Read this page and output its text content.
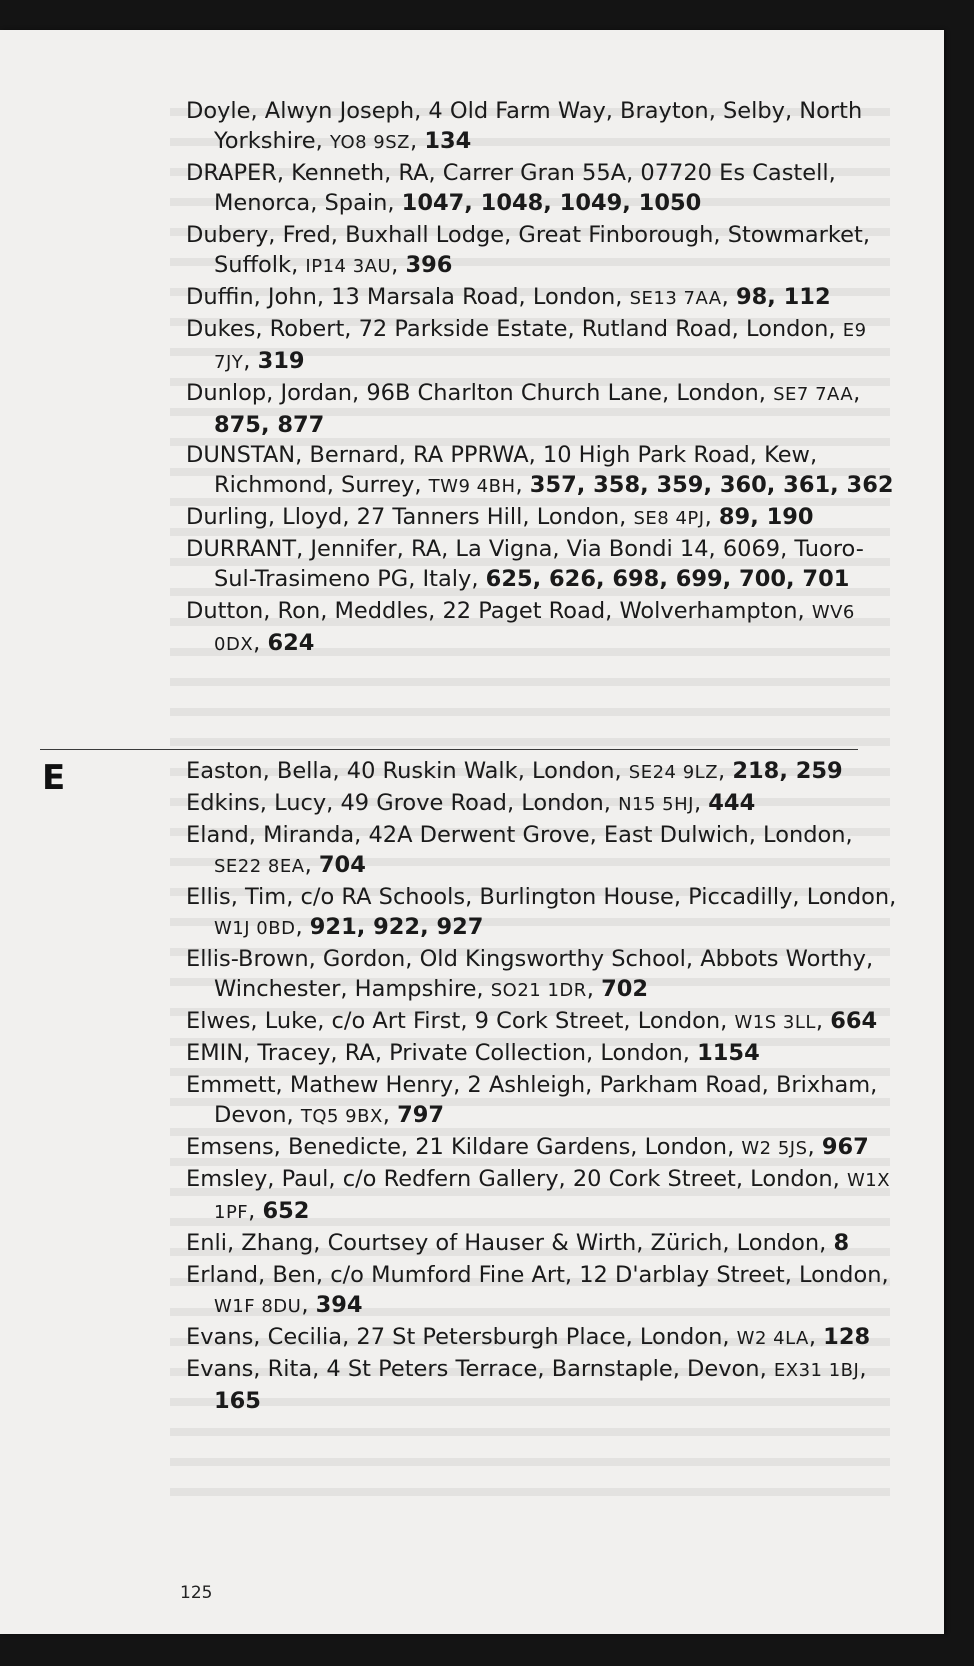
Doyle, Alwyn Joseph, 4 Old Farm Way, Brayton, Selby, North Yorkshire, YO8 9SZ, 134

DRAPER, Kenneth, RA, Carrer Gran 55A, 07720 Es Castell, Menorca, Spain, 1047, 1048, 1049, 1050

Dubery, Fred, Buxhall Lodge, Great Finborough, Stowmarket, Suffolk, IP14 3AU, 396

Duffin, John, 13 Marsala Road, London, SE13 7AA, 98, 112

Dukes, Robert, 72 Parkside Estate, Rutland Road, London, E9 7JY, 319

Dunlop, Jordan, 96B Charlton Church Lane, London, SE7 7AA, 875, 877

DUNSTAN, Bernard, RA PPRWA, 10 High Park Road, Kew, Richmond, Surrey, TW9 4BH, 357, 358, 359, 360, 361, 362

Durling, Lloyd, 27 Tanners Hill, London, SE8 4PJ, 89, 190

DURRANT, Jennifer, RA, La Vigna, Via Bondi 14, 6069, Tuoro-Sul-Trasimeno PG, Italy, 625, 626, 698, 699, 700, 701

Dutton, Ron, Meddles, 22 Paget Road, Wolverhampton, WV6 0DX, 624

E	Easton, Bella, 40 Ruskin Walk, London, SE24 9LZ, 218, 259

Edkins, Lucy, 49 Grove Road, London, N15 5HJ, 444

Eland, Miranda, 42A Derwent Grove, East Dulwich, London, SE22 8EA, 704

Ellis, Tim, c/o RA Schools, Burlington House, Piccadilly, London, W1J 0BD, 921, 922, 927

Ellis-Brown, Gordon, Old Kingsworthy School, Abbots Worthy, Winchester, Hampshire, SO21 1DR, 702

Elwes, Luke, c/o Art First, 9 Cork Street, London, W1S 3LL, 664

EMIN, Tracey, RA, Private Collection, London, 1154

Emmett, Mathew Henry, 2 Ashleigh, Parkham Road, Brixham, Devon, TQ5 9BX, 797

Emsens, Benedicte, 21 Kildare Gardens, London, W2 5JS, 967

Emsley, Paul, c/o Redfern Gallery, 20 Cork Street, London, W1X 1PF, 652

Enli, Zhang, Courtsey of Hauser & Wirth, Zürich, London, 8

Erland, Ben, c/o Mumford Fine Art, 12 D'arblay Street, London, W1F 8DU, 394

Evans, Cecilia, 27 St Petersburgh Place, London, W2 4LA, 128

Evans, Rita, 4 St Peters Terrace, Barnstaple, Devon, EX31 1BJ, 165

125
